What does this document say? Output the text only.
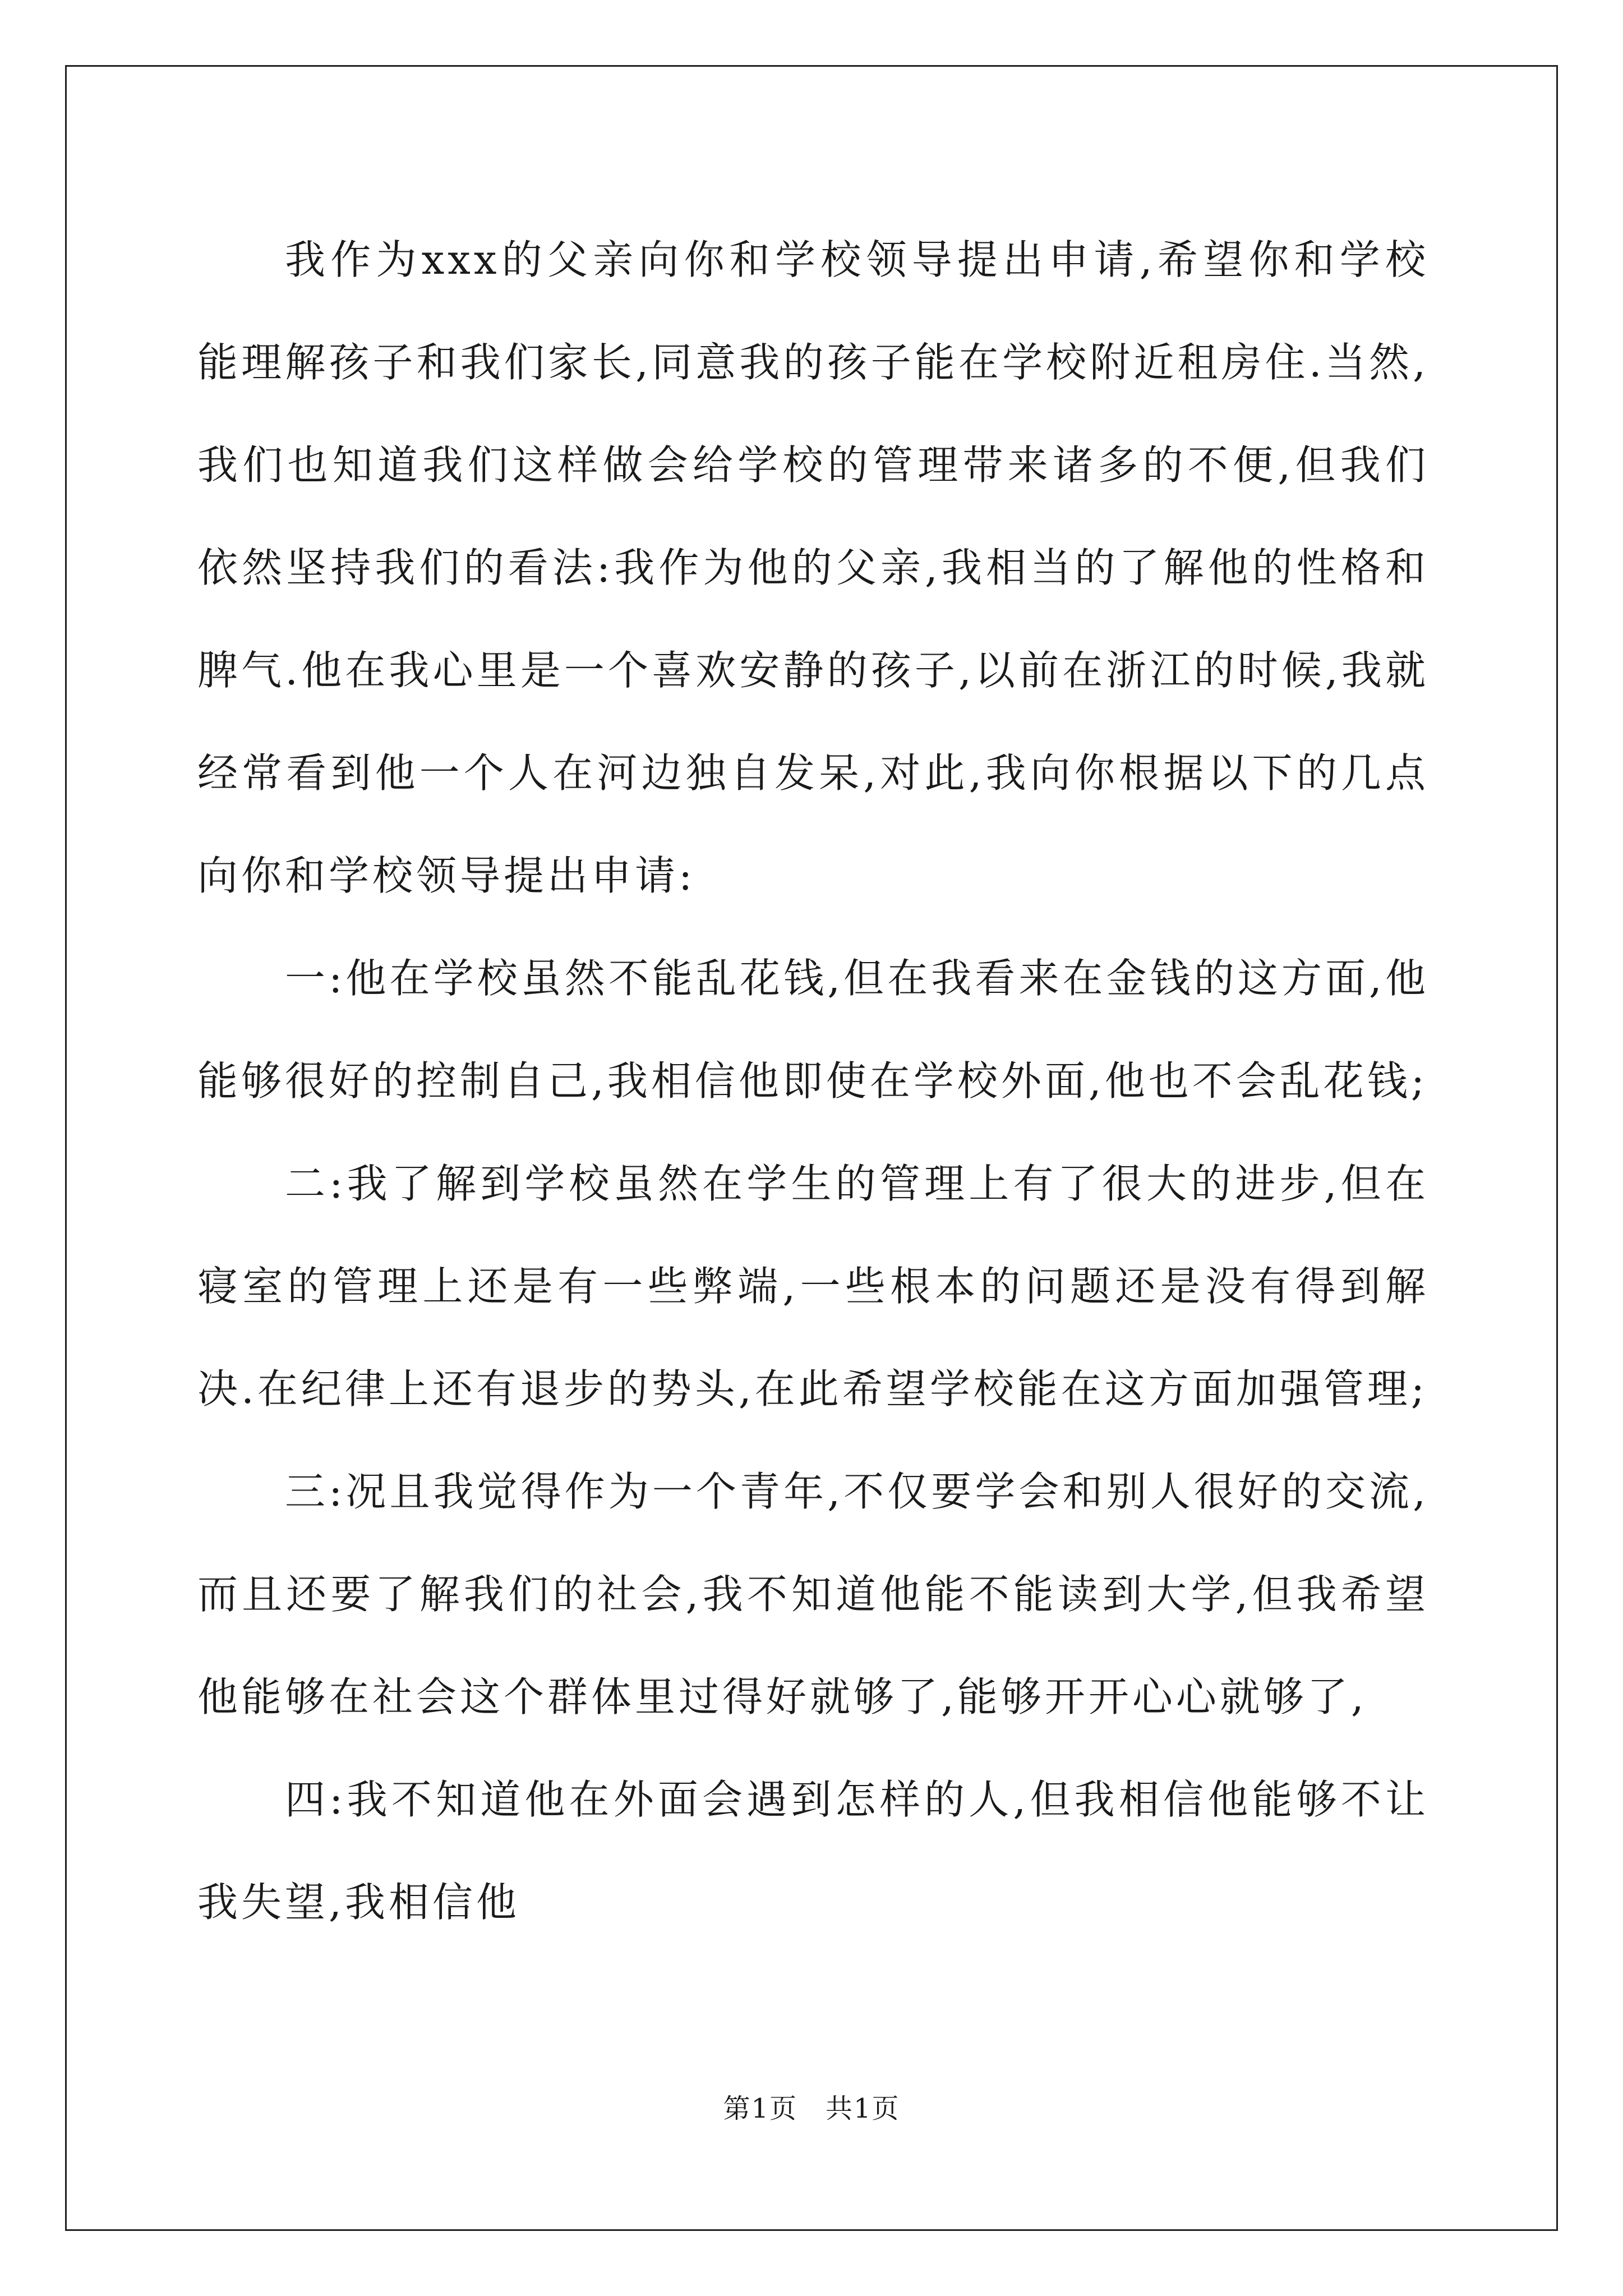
我作为xxx的父亲向你和学校领导提出申请,希望你和学校能理解孩子和我们家长,同意我的孩子能在学校附近租房住.当然,我们也知道我们这样做会给学校的管理带来诸多的不便,但我们依然坚持我们的看法:我作为他的父亲,我相当的了解他的性格和脾气.他在我心里是一个喜欢安静的孩子,以前在浙江的时候,我就经常看到他一个人在河边独自发呆,对此,我向你根据以下的几点向你和学校领导提出申请:

一:他在学校虽然不能乱花钱,但在我看来在金钱的这方面,他能够很好的控制自己,我相信他即使在学校外面,他也不会乱花钱;

二:我了解到学校虽然在学生的管理上有了很大的进步,但在寝室的管理上还是有一些弊端,一些根本的问题还是没有得到解决.在纪律上还有退步的势头,在此希望学校能在这方面加强管理;

三:况且我觉得作为一个青年,不仅要学会和别人很好的交流,而且还要了解我们的社会,我不知道他能不能读到大学,但我希望他能够在社会这个群体里过得好就够了,能够开开心心就够了,

四:我不知道他在外面会遇到怎样的人,但我相信他能够不让我失望,我相信他

第1页　共1页
